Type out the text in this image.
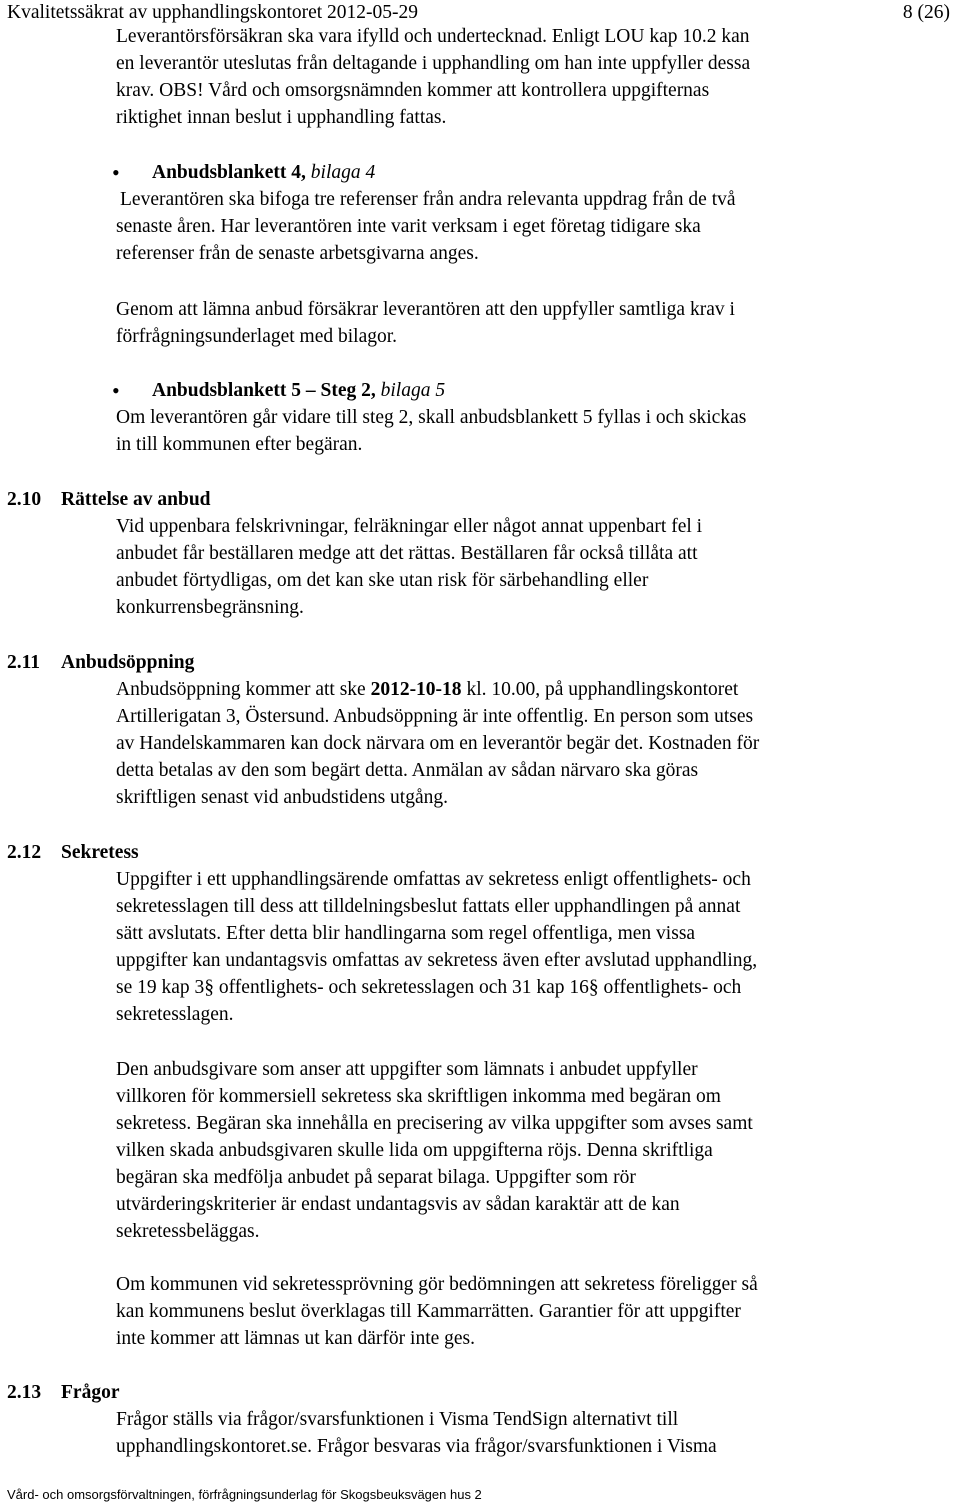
Kvalitetssäkrat av upphandlingskontoret 2012-05-29	8 (26)
Leverantörsförsäkran ska vara ifylld och undertecknad. Enligt LOU kap 10.2 kan
en leverantör uteslutas från deltagande i upphandling om han inte uppfyller dessa
krav. OBS! Vård och omsorgsnämnden kommer att kontrollera uppgifternas
riktighet innan beslut i upphandling fattas.
• Anbudsblankett 4, bilaga 4
Leverantören ska bifoga tre referenser från andra relevanta uppdrag från de två
senaste åren. Har leverantören inte varit verksam i eget företag tidigare ska
referenser från de senaste arbetsgivarna anges.
Genom att lämna anbud försäkrar leverantören att den uppfyller samtliga krav i
förfrågningsunderlaget med bilagor.
• Anbudsblankett 5 – Steg 2, bilaga 5
Om leverantören går vidare till steg 2, skall anbudsblankett 5 fyllas i och skickas
in till kommunen efter begäran.
2.10 Rättelse av anbud
Vid uppenbara felskrivningar, felräkningar eller något annat uppenbart fel i
anbudet får beställaren medge att det rättas. Beställaren får också tillåta att
anbudet förtydligas, om det kan ske utan risk för särbehandling eller
konkurrensbegränsning.
2.11 Anbudsöppning
Anbudsöppning kommer att ske 2012-10-18 kl. 10.00, på upphandlingskontoret
Artillerigatan 3, Östersund. Anbudsöppning är inte offentlig. En person som utses
av Handelskammaren kan dock närvara om en leverantör begär det. Kostnaden för
detta betalas av den som begärt detta. Anmälan av sådan närvaro ska göras
skriftligen senast vid anbudstidens utgång.
2.12 Sekretess
Uppgifter i ett upphandlingsärende omfattas av sekretess enligt offentlighets- och
sekretesslagen till dess att tilldelningsbeslut fattats eller upphandlingen på annat
sätt avslutats. Efter detta blir handlingarna som regel offentliga, men vissa
uppgifter kan undantagsvis omfattas av sekretess även efter avslutad upphandling,
se 19 kap 3§ offentlighets- och sekretesslagen och 31 kap 16§ offentlighets- och
sekretesslagen.
Den anbudsgivare som anser att uppgifter som lämnats i anbudet uppfyller
villkoren för kommersiell sekretess ska skriftligen inkomma med begäran om
sekretess. Begäran ska innehålla en precisering av vilka uppgifter som avses samt
vilken skada anbudsgivaren skulle lida om uppgifterna röjs. Denna skriftliga
begäran ska medfölja anbudet på separat bilaga. Uppgifter som rör
utvärderingskriterier är endast undantagsvis av sådan karaktär att de kan
sekretessbeläggas.
Om kommunen vid sekretessprövning gör bedömningen att sekretess föreligger så
kan kommunens beslut överklagas till Kammarrätten. Garantier för att uppgifter
inte kommer att lämnas ut kan därför inte ges.
2.13 Frågor
Frågor ställs via frågor/svarsfunktionen i Visma TendSign alternativt till
upphandlingskontoret.se. Frågor besvaras via frågor/svarsfunktionen i Visma
Vård- och omsorgsförvaltningen, förfrågningsunderlag för Skogsbeuksvägen hus 2
